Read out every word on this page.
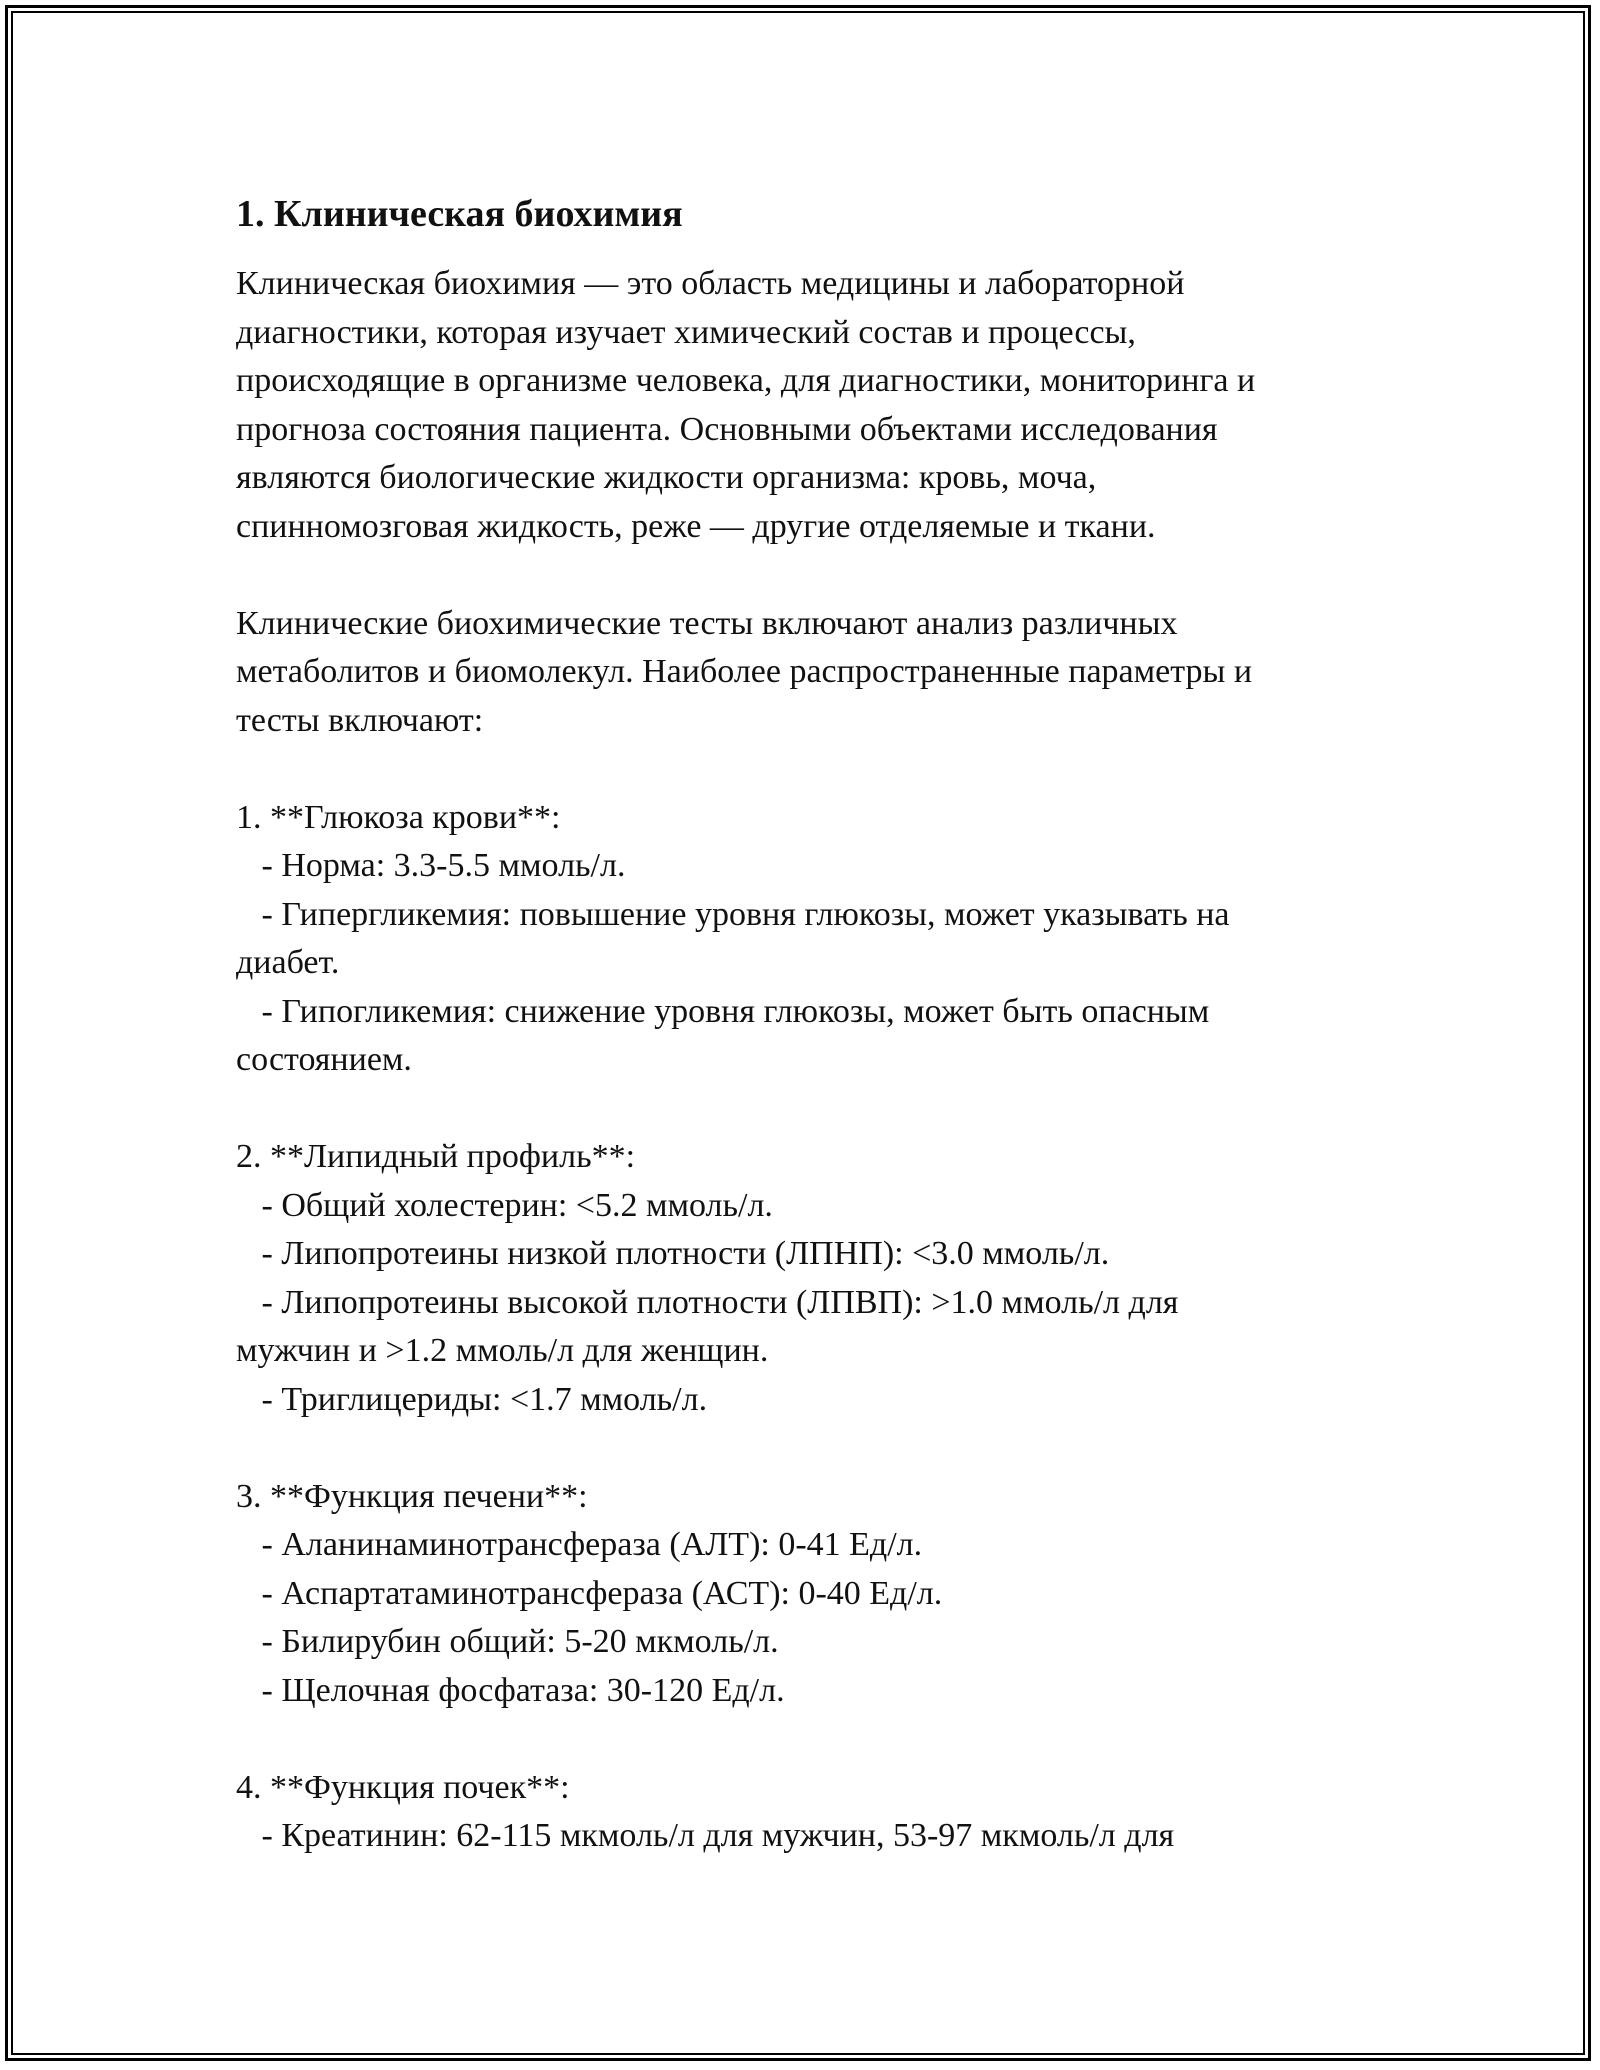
1. Клиническая биохимия
Клиническая биохимия — это область медицины и лабораторной
диагностики, которая изучает химический состав и процессы,
происходящие в организме человека, для диагностики, мониторинга и
прогноза состояния пациента. Основными объектами исследования
являются биологические жидкости организма: кровь, моча,
спинномозговая жидкость, реже — другие отделяемые и ткани.
Клинические биохимические тесты включают анализ различных
метаболитов и биомолекул. Наиболее распространенные параметры и
тесты включают:
1. **Глюкоза крови**:
- Норма: 3.3-5.5 ммоль/л.
- Гипергликемия: повышение уровня глюкозы, может указывать на
диабет.
- Гипогликемия: снижение уровня глюкозы, может быть опасным
состоянием.
2. **Липидный профиль**:
- Общий холестерин: <5.2 ммоль/л.
- Липопротеины низкой плотности (ЛПНП): <3.0 ммоль/л.
- Липопротеины высокой плотности (ЛПВП): >1.0 ммоль/л для
мужчин и >1.2 ммоль/л для женщин.
- Триглицериды: <1.7 ммоль/л.
3. **Функция печени**:
- Аланинаминотрансфераза (АЛТ): 0-41 Ед/л.
- Аспартатаминотрансфераза (АСТ): 0-40 Ед/л.
- Билирубин общий: 5-20 мкмоль/л.
- Щелочная фосфатаза: 30-120 Ед/л.
4. **Функция почек**:
- Креатинин: 62-115 мкмоль/л для мужчин, 53-97 мкмоль/л для
